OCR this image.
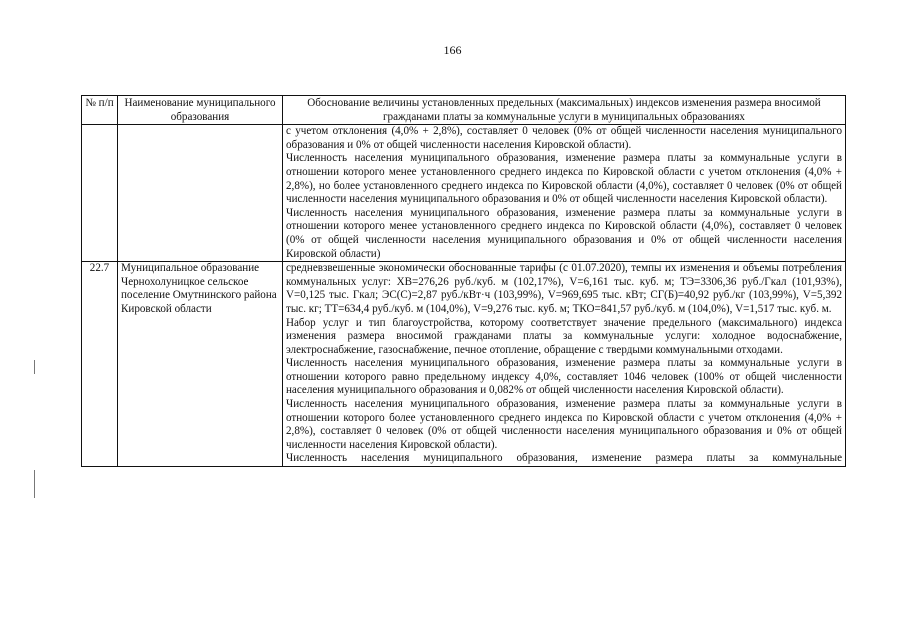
166
№ п/п	Наименование муниципального образования	Обоснование величины установленных предельных (максимальных) индексов изменения размера вносимой гражданами платы за коммунальные услуги в муниципальных образованиях

		с учетом отклонения (4,0% + 2,8%), составляет 0 человек (0% от общей численности населения муниципального образования и 0% от общей численности населения Кировской области).
Численность населения муниципального образования, изменение размера платы за коммунальные услуги в отношении которого менее установленного среднего индекса по Кировской области с учетом отклонения (4,0% + 2,8%), но более установленного среднего индекса по Кировской области (4,0%), составляет 0 человек (0% от общей численности населения муниципального образования и 0% от общей численности населения Кировской области).
Численность населения муниципального образования, изменение размера платы за коммунальные услуги в отношении которого менее установленного среднего индекса по Кировской области (4,0%), составляет 0 человек (0% от общей численности населения муниципального образования и 0% от общей численности населения Кировской области)

22.7	Муниципальное образование Чернохолуницкое сельское поселение Омутнинского района Кировской области	средневзвешенные экономически обоснованные тарифы (с 01.07.2020), темпы их изменения и объемы потребления коммунальных услуг: ХВ=276,26 руб./куб. м (102,17%), V=6,161 тыс. куб. м; ТЭ=3306,36 руб./Гкал (101,93%), V=0,125 тыс. Гкал; ЭС(С)=2,87 руб./кВт·ч (103,99%), V=969,695 тыс. кВт; СГ(Б)=40,92 руб./кг (103,99%), V=5,392 тыс. кг; ТТ=634,4 руб./куб. м (104,0%), V=9,276 тыс. куб. м; ТКО=841,57 руб./куб. м (104,0%), V=1,517 тыс. куб. м.
Набор услуг и тип благоустройства, которому соответствует значение предельного (максимального) индекса изменения размера вносимой гражданами платы за коммунальные услуги: холодное водоснабжение, электроснабжение, газоснабжение, печное отопление, обращение с твердыми коммунальными отходами.
Численность населения муниципального образования, изменение размера платы за коммунальные услуги в отношении которого равно предельному индексу 4,0%, составляет 1046 человек (100% от общей численности населения муниципального образования и 0,082% от общей численности населения Кировской области).
Численность населения муниципального образования, изменение размера платы за коммунальные услуги в отношении которого более установленного среднего индекса по Кировской области с учетом отклонения (4,0% + 2,8%), составляет 0 человек (0% от общей численности населения муниципального образования и 0% от общей численности населения Кировской области).
Численность населения муниципального образования, изменение размера платы за коммунальные
